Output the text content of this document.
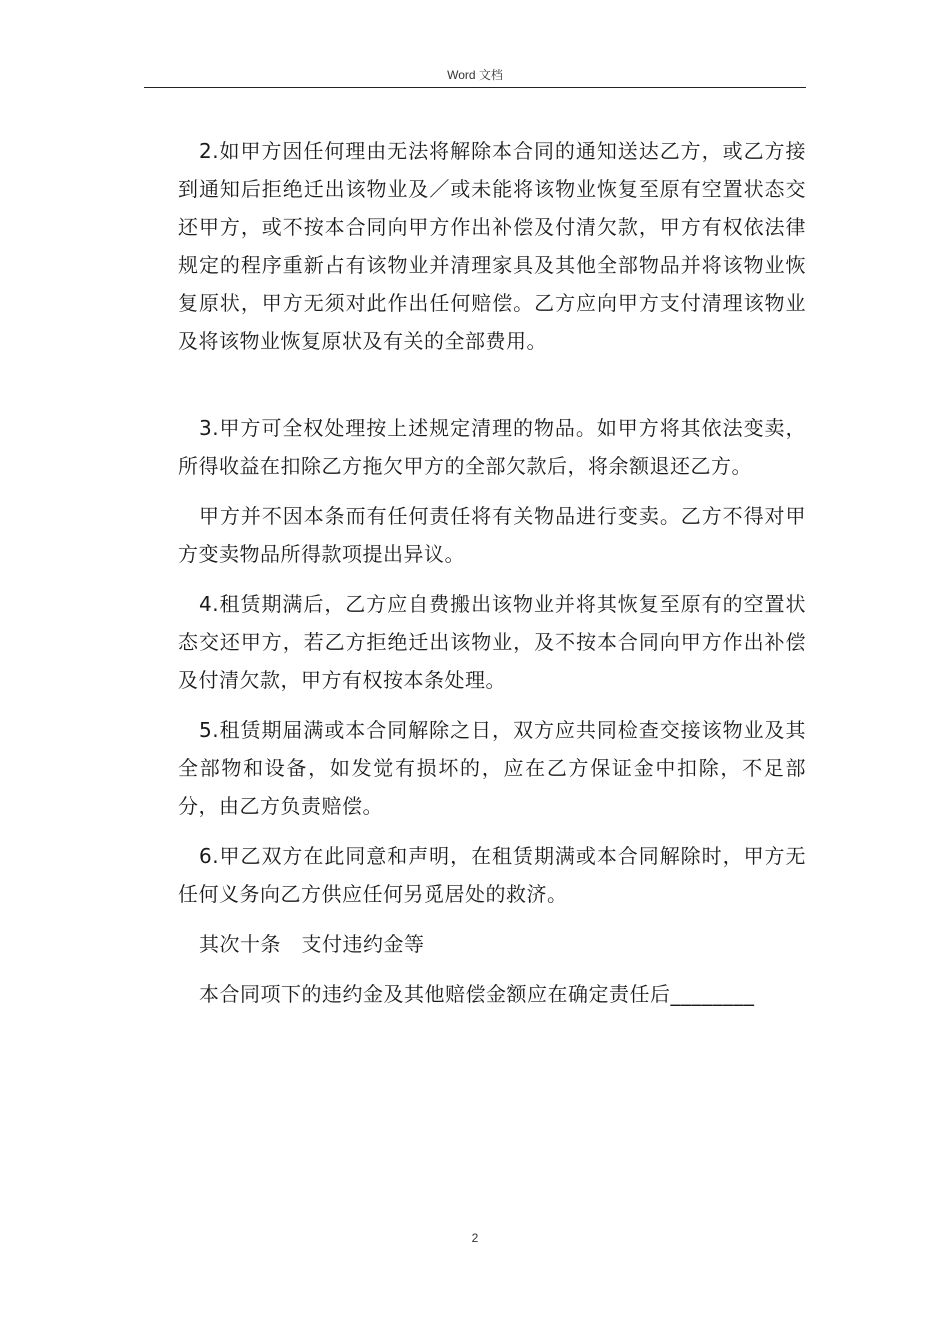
Word 文档

2.如甲方因任何理由无法将解除本合同的通知送达乙方，或乙方接到通知后拒绝迁出该物业及／或未能将该物业恢复至原有空置状态交还甲方，或不按本合同向甲方作出补偿及付清欠款，甲方有权依法律规定的程序重新占有该物业并清理家具及其他全部物品并将该物业恢复原状，甲方无须对此作出任何赔偿。乙方应向甲方支付清理该物业及将该物业恢复原状及有关的全部费用。

3.甲方可全权处理按上述规定清理的物品。如甲方将其依法变卖，所得收益在扣除乙方拖欠甲方的全部欠款后，将余额退还乙方。

甲方并不因本条而有任何责任将有关物品进行变卖。乙方不得对甲方变卖物品所得款项提出异议。

4.租赁期满后，乙方应自费搬出该物业并将其恢复至原有的空置状态交还甲方，若乙方拒绝迁出该物业，及不按本合同向甲方作出补偿及付清欠款，甲方有权按本条处理。

5.租赁期届满或本合同解除之日，双方应共同检查交接该物业及其全部物和设备，如发觉有损坏的，应在乙方保证金中扣除，不足部分，由乙方负责赔偿。

6.甲乙双方在此同意和声明，在租赁期满或本合同解除时，甲方无任何义务向乙方供应任何另觅居处的救济。

其次十条　支付违约金等

本合同项下的违约金及其他赔偿金额应在确定责任后________

2
